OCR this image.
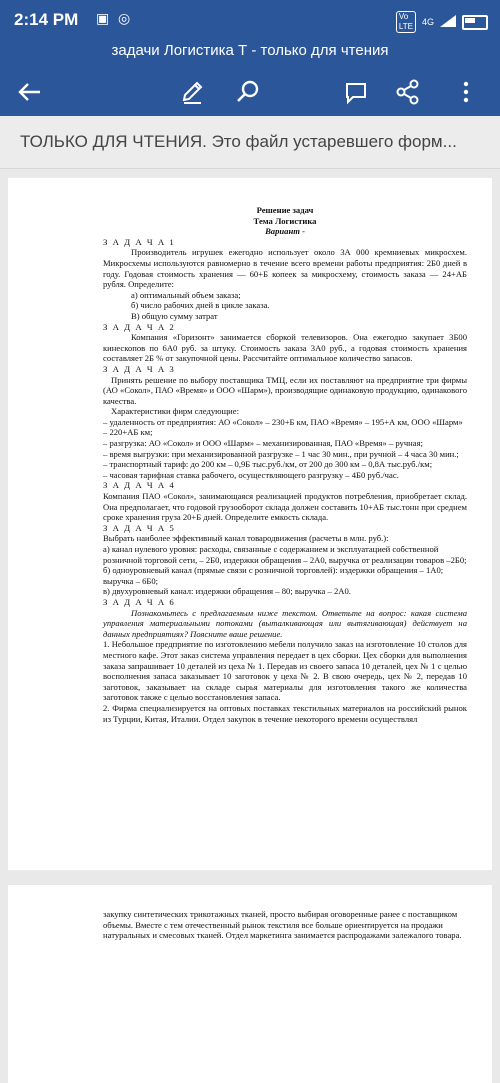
2:14 PM ▣ ◎	Vo
LTE	4G
задачи Логистика Т - только для чтения
ТОЛЬКО ДЛЯ ЧТЕНИЯ. Это файл устаревшего форм...
Решение задач
Тема Логистика
Вариант -
З А Д А Ч А 1
Производитель игрушек ежегодно использует около 3А 000 кремниевых микросхем. Микросхемы используются равномерно в течение всего времени работы предприятия: 2Б0 дней в году. Годовая стоимость хранения — 60+Б копеек за микросхему, стоимость заказа — 24+АБ рубля. Определите:
а) оптимальный объем заказа;
б) число рабочих дней в цикле заказа.
В) общую сумму затрат
З А Д А Ч А 2
Компания «Горизонт» занимается сборкой телевизоров. Она ежегодно закупает 3Б00 кинескопов по 6А0 руб. за штуку. Стоимость заказа 3А0 руб., а годовая стоимость хранения составляет 2Б % от закупочной цены. Рассчитайте оптимальное количество запасов.
З А Д А Ч А 3
Принять решение по выбору поставщика ТМЦ, если их поставляют на предприятие три фирмы (АО «Сокол», ПАО «Время» и ООО «Шарм»), производящие одинаковую продукцию, одинакового качества.
Характеристики фирм следующие:
– удаленность от предприятия: АО «Сокол» – 230+Б км, ПАО «Время» – 195+А км, ООО «Шарм» – 220+АБ км;
– разгрузка: АО «Сокол» и ООО «Шарм» – механизированная, ПАО «Время» – ручная;
– время выгрузки: при механизированной разгрузке – 1 час 30 мин., при ручной – 4 часа 30 мин.;
– транспортный тариф: до 200 км – 0,9Б тыс.руб./км, от 200 до 300 км – 0,8А тыс.руб./км;
– часовая тарифная ставка рабочего, осуществляющего разгрузку – 4Б0 руб./час.
З А Д А Ч А 4
Компания ПАО «Сокол», занимающаяся реализацией продуктов потребления, приобретает склад. Она предполагает, что годовой грузооборот склада должен составить 10+АБ тыс.тонн при среднем сроке хранения груза 20+Б дней. Определите емкость склада.
З А Д А Ч А 5
Выбрать наиболее эффективный канал товародвижения (расчеты в млн. руб.):
а) канал нулевого уровня: расходы, связанные с содержанием и эксплуатацией собственной розничной торговой сети, – 2Б0, издержки обращения – 2А0, выручка от реализации товаров –2Б0;
б) одноуровневый канал (прямые связи с розничной торговлей): издержки обращения – 1А0; выручка – 6Б0;
в) двухуровневый канал: издержки обращения – 80; выручка – 2А0.
З А Д А Ч А 6
Познакомьтесь с предлагаемым ниже текстом. Ответьте на вопрос: какая система управления материальными потоками (выталкивающая или вытягивающая) действует на данных предприятиях? Поясните ваше решение.
1. Небольшое предприятие по изготовлению мебели получило заказ на изготовление 10 столов для местного кафе. Этот заказ система управления передает в цех сборки. Цех сборки для выполнения заказа запрашивает 10 деталей из цеха № 1. Передав из своего запаса 10 деталей, цех № 1 с целью восполнения запаса заказывает 10 заготовок у цеха № 2. В свою очередь, цех № 2, передав 10 заготовок, заказывает на складе сырья материалы для изготовления такого же количества заготовок также с целью восстановления запаса.
2. Фирма специализируется на оптовых поставках текстильных материалов на российский рынок из Турции, Китая, Италии. Отдел закупок в течение некоторого времени осуществлял
закупку синтетических трикотажных тканей, просто выбирая оговоренные ранее с поставщиком объемы. Вместе с тем отечественный рынок текстиля все больше ориентируется на продажи натуральных и смесовых тканей. Отдел маркетинга занимается распродажами залежалого товара.
